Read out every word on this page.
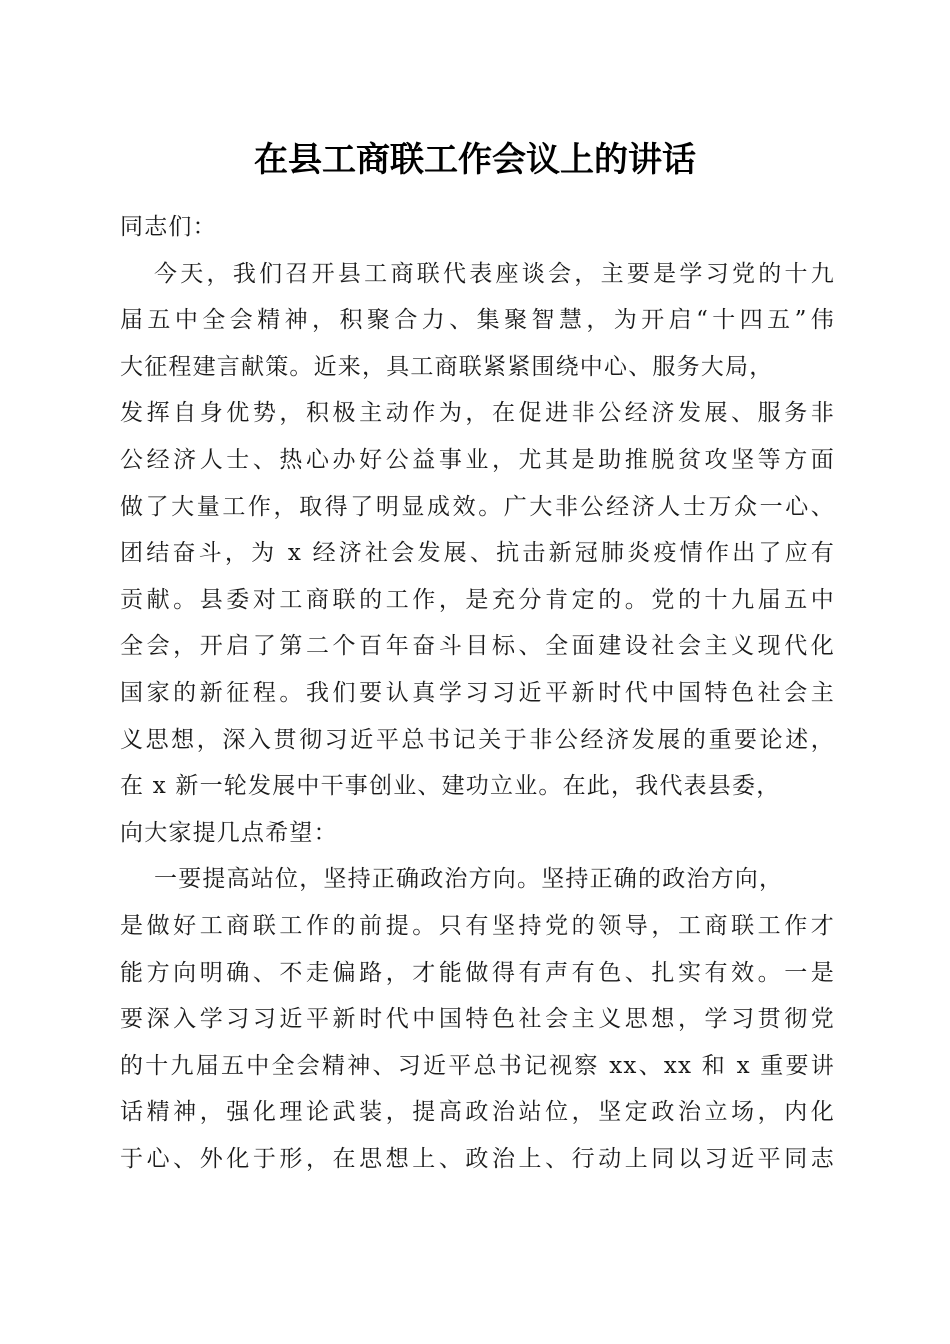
在县工商联工作会议上的讲话
同志们：
今天，我们召开县工商联代表座谈会，主要是学习党的十九
届五中全会精神，积聚合力、集聚智慧，为开启“十四五”伟
大征程建言献策。近来，具工商联紧紧围绕中心、服务大局，
发挥自身优势，积极主动作为，在促进非公经济发展、服务非
公经济人士、热心办好公益事业，尤其是助推脱贫攻坚等方面
做了大量工作，取得了明显成效。广大非公经济人士万众一心、
团结奋斗，为 x 经济社会发展、抗击新冠肺炎疫情作出了应有
贡献。县委对工商联的工作，是充分肯定的。党的十九届五中
全会，开启了第二个百年奋斗目标、全面建设社会主义现代化
国家的新征程。我们要认真学习习近平新时代中国特色社会主
义思想，深入贯彻习近平总书记关于非公经济发展的重要论述，
在 x 新一轮发展中干事创业、建功立业。在此，我代表县委，
向大家提几点希望：
一要提高站位，坚持正确政治方向。坚持正确的政治方向，
是做好工商联工作的前提。只有坚持党的领导，工商联工作才
能方向明确、不走偏路，才能做得有声有色、扎实有效。一是
要深入学习习近平新时代中国特色社会主义思想，学习贯彻党
的十九届五中全会精神、习近平总书记视察 xx、xx 和 x 重要讲
话精神，强化理论武装，提高政治站位，坚定政治立场，内化
于心、外化于形，在思想上、政治上、行动上同以习近平同志
